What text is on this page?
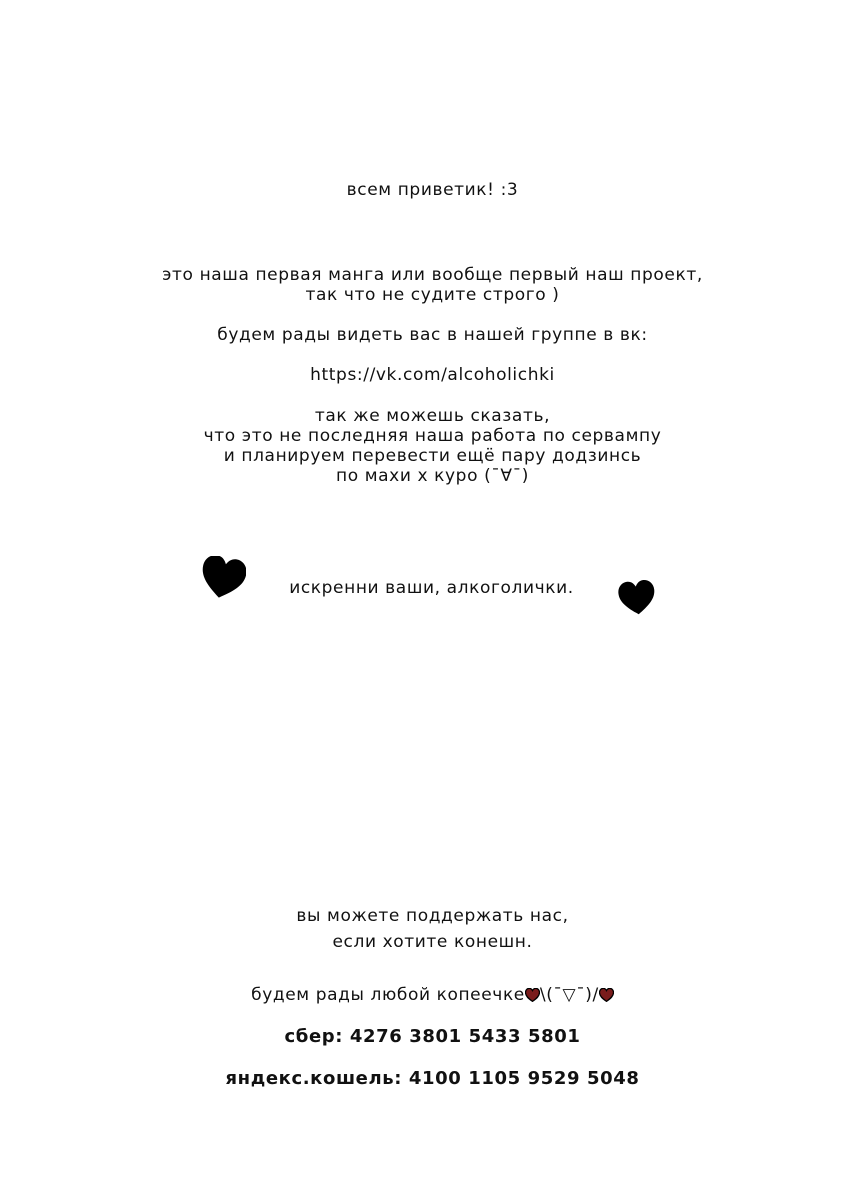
всем приветик! :3
это наша первая манга или вообще первый наш проект,
так что не судите строго )
будем рады видеть вас в нашей группе в вк:
https://vk.com/alcoholichki
так же можешь сказать,
что это не последняя наша работа по сервампу
и планируем перевести ещё пару додзинсь
по махи x куро (¯∀¯)
искренни ваши, алкоголички.
вы можете поддержать нас,
если хотите конешн.
будем рады любой копеечке \(¯▽¯)/
сбер: 4276 3801 5433 5801
яндекс.кошель: 4100 1105 9529 5048
